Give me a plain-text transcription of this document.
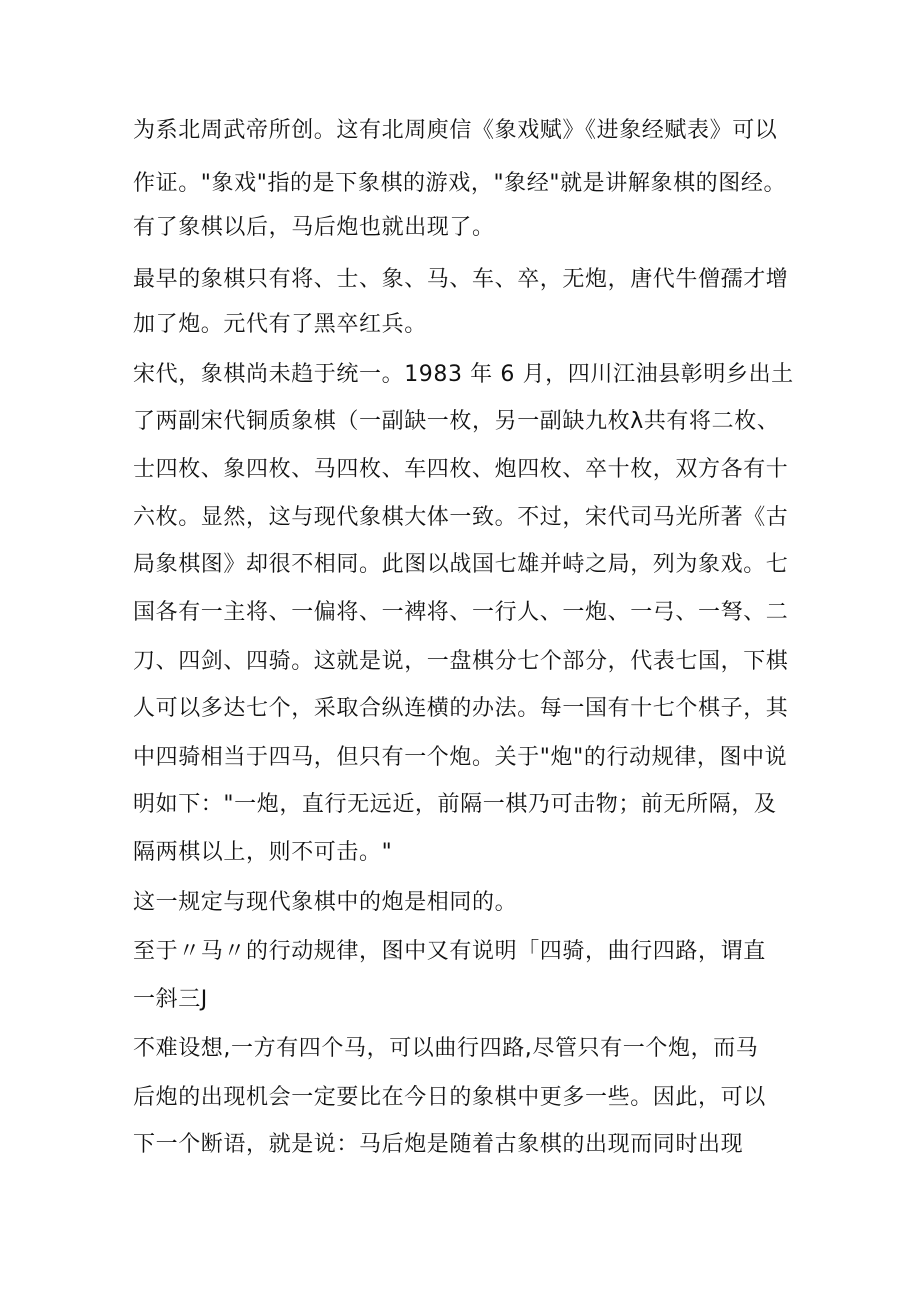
为系北周武帝所创。这有北周庾信《象戏赋》《进象经赋表》可以
作证。"象戏"指的是下象棋的游戏，"象经"就是讲解象棋的图经。
有了象棋以后，马后炮也就出现了。
最早的象棋只有将、士、象、马、车、卒，无炮，唐代牛僧孺才增
加了炮。元代有了黑卒红兵。
宋代，象棋尚未趋于统一。1983 年 6 月，四川江油县彰明乡出土
了两副宋代铜质象棋（一副缺一枚，另一副缺九枚λ共有将二枚、
士四枚、象四枚、马四枚、车四枚、炮四枚、卒十枚，双方各有十
六枚。显然，这与现代象棋大体一致。不过，宋代司马光所著《古
局象棋图》却很不相同。此图以战国七雄并峙之局，列为象戏。七
国各有一主将、一偏将、一裨将、一行人、一炮、一弓、一弩、二
刀、四剑、四骑。这就是说，一盘棋分七个部分，代表七国，下棋
人可以多达七个，采取合纵连横的办法。每一国有十七个棋子，其
中四骑相当于四马，但只有一个炮。关于"炮"的行动规律，图中说
明如下："一炮，直行无远近，前隔一棋乃可击物；前无所隔，及
隔两棋以上，则不可击。"
这一规定与现代象棋中的炮是相同的。
至于〃马〃的行动规律，图中又有说明「四骑，曲行四路，谓直
一斜三J
不难设想,一方有四个马，可以曲行四路,尽管只有一个炮，而马
后炮的出现机会一定要比在今日的象棋中更多一些。因此，可以
下一个断语，就是说：马后炮是随着古象棋的出现而同时出现
